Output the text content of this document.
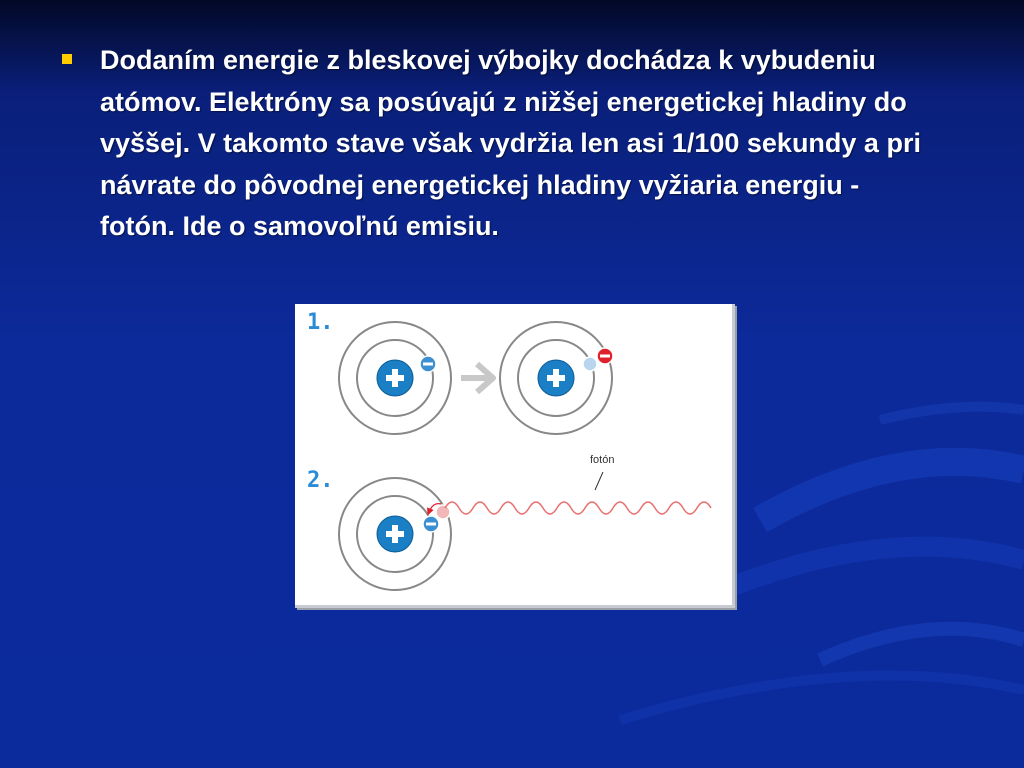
Dodaním energie z bleskovej výbojky dochádza k vybudeniu atómov. Elektróny sa posúvajú z nižšej energetickej hladiny do vyššej. V takomto stave však vydržia len asi 1/100 sekundy a pri návrate do pôvodnej energetickej hladiny vyžiaria energiu - fotón. Ide o samovoľnú emisiu.
1.
2.
fotón
